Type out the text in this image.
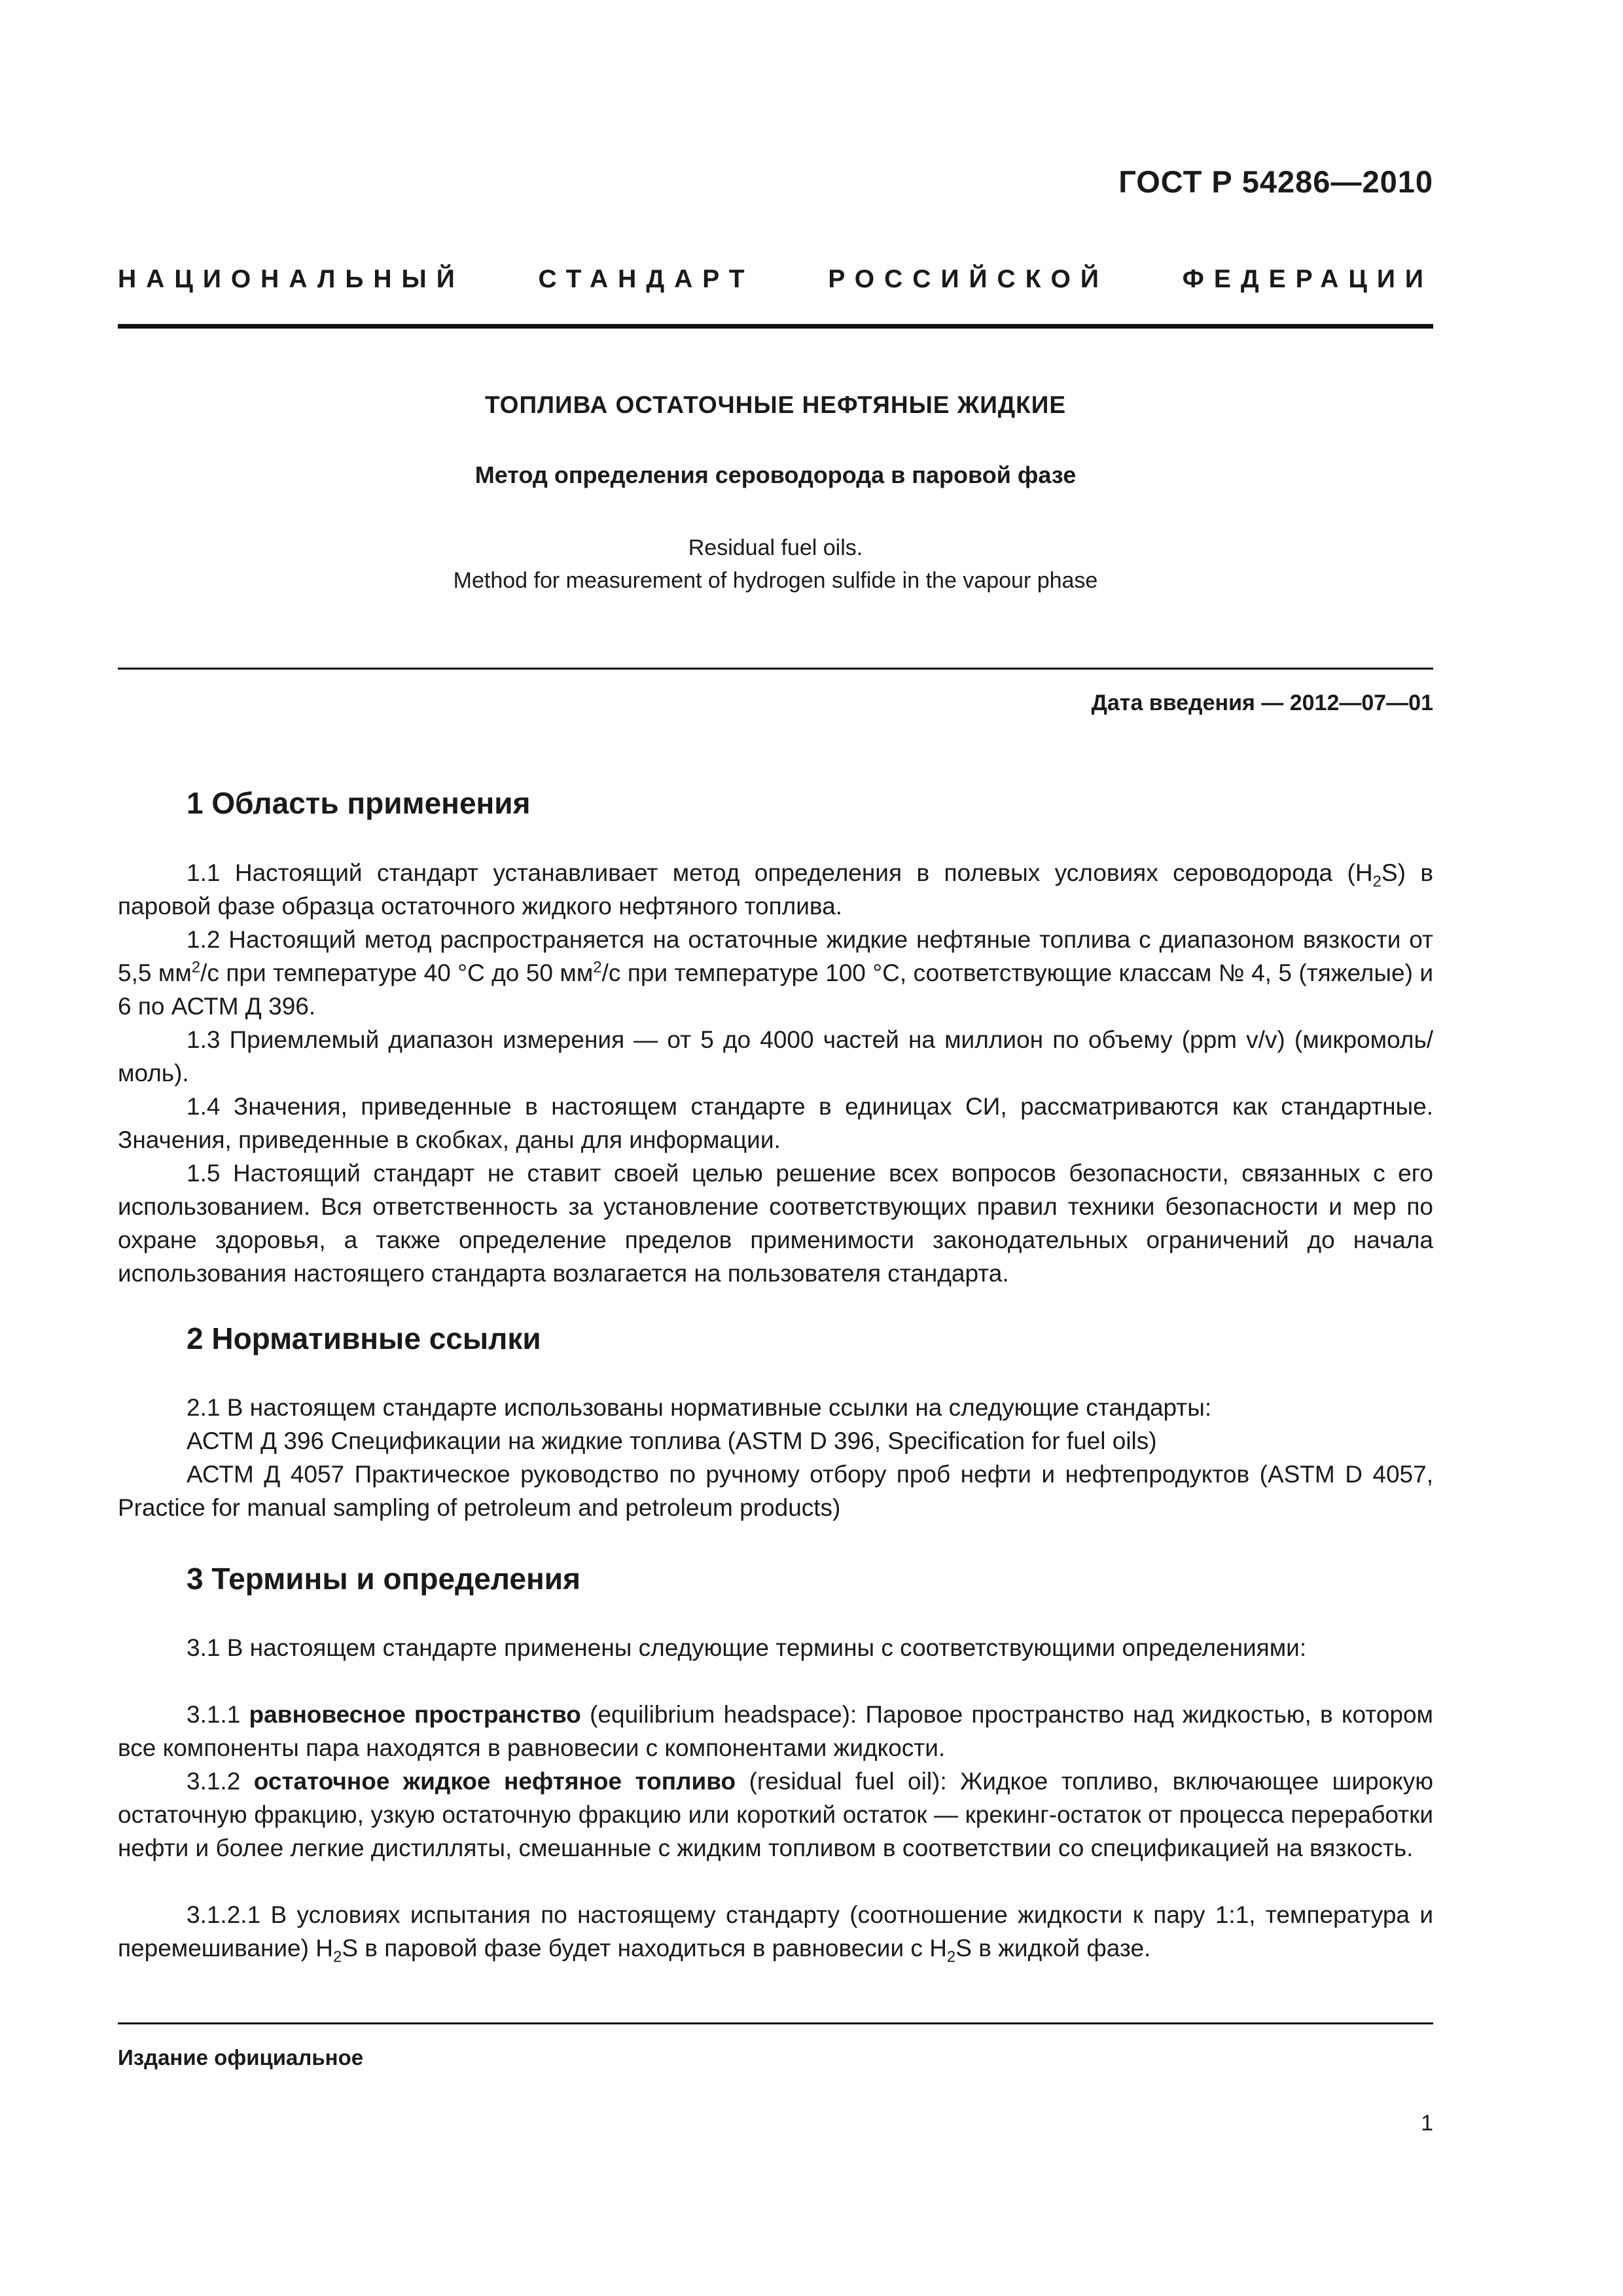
ГОСТ Р 54286—2010
НАЦИОНАЛЬНЫЙ	СТАНДАРТ	РОССИЙСКОЙ	ФЕДЕРАЦИИ
ТОПЛИВА ОСТАТОЧНЫЕ НЕФТЯНЫЕ ЖИДКИЕ
Метод определения сероводорода в паровой фазе
Residual fuel oils.
Method for measurement of hydrogen sulfide in the vapour phase
Дата введения — 2012—07—01
1 Область применения

1.1 Настоящий стандарт устанавливает метод определения в полевых условиях сероводорода $(H_2S)$ в паровой фазе образца остаточного жидкого нефтяного топлива.

1.2 Настоящий метод распространяется на остаточные жидкие нефтяные топлива с диапазоном вязкости от 5,5 $мм^2/с$ при температуре 40 °С до 50 $мм^2/с$ при температуре 100 °С, соответствующие классам № 4, 5 (тяжелые) и 6 по АСТМ Д 396.

1.3 Приемлемый диапазон измерения — от 5 до 4000 частей на миллион по объему (ppm v/v) (микромоль/моль).

1.4 Значения, приведенные в настоящем стандарте в единицах СИ, рассматриваются как стандартные. Значения, приведенные в скобках, даны для информации.

1.5 Настоящий стандарт не ставит своей целью решение всех вопросов безопасности, связанных с его использованием. Вся ответственность за установление соответствующих правил техники безопасности и мер по охране здоровья, а также определение пределов применимости законодательных ограничений до начала использования настоящего стандарта возлагается на пользователя стандарта.

2 Нормативные ссылки

2.1 В настоящем стандарте использованы нормативные ссылки на следующие стандарты:

АСТМ Д 396 Спецификации на жидкие топлива (ASTM D 396, Specification for fuel oils)

АСТМ Д 4057 Практическое руководство по ручному отбору проб нефти и нефтепродуктов (ASTM D 4057, Practice for manual sampling of petroleum and petroleum products)

3 Термины и определения

3.1 В настоящем стандарте применены следующие термины с соответствующими определениями:

3.1.1 равновесное пространство (equilibrium headspace): Паровое пространство над жидкостью, в котором все компоненты пара находятся в равновесии с компонентами жидкости.

3.1.2 остаточное жидкое нефтяное топливо (residual fuel oil): Жидкое топливо, включающее широкую остаточную фракцию, узкую остаточную фракцию или короткий остаток — крекинг-остаток от процесса переработки нефти и более легкие дистилляты, смешанные с жидким топливом в соответствии со спецификацией на вязкость.

3.1.2.1 В условиях испытания по настоящему стандарту (соотношение жидкости к пару 1:1, температура и перемешивание) $H_2S$ в паровой фазе будет находиться в равновесии с $H_2S$ в жидкой фазе.

Издание официальное
1
